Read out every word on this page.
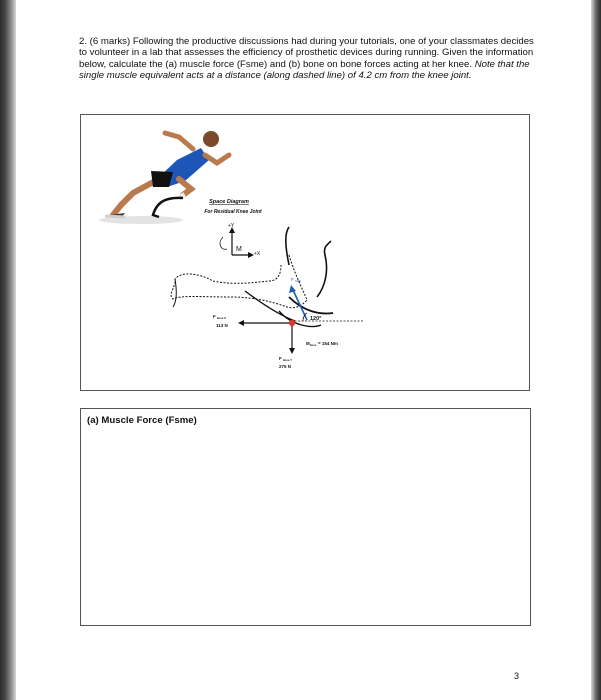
2. (6 marks) Following the productive discussions had during your tutorials, one of your classmates decides to volunteer in a lab that assesses the efficiency of prosthetic devices during running. Given the information below, calculate the (a) muscle force (Fsme) and (b) bone on bone forces acting at her knee. Note that the single muscle equivalent acts at a distance (along dashed line) of 4.2 cm from the knee joint.
Space Diagram
For Residual Knee Joint
+Y
+X
M
F SME
120°
F knee X
113 N
F knee Y
275 N
M knee = 154 Nm
(a) Muscle Force (Fsme)
3
